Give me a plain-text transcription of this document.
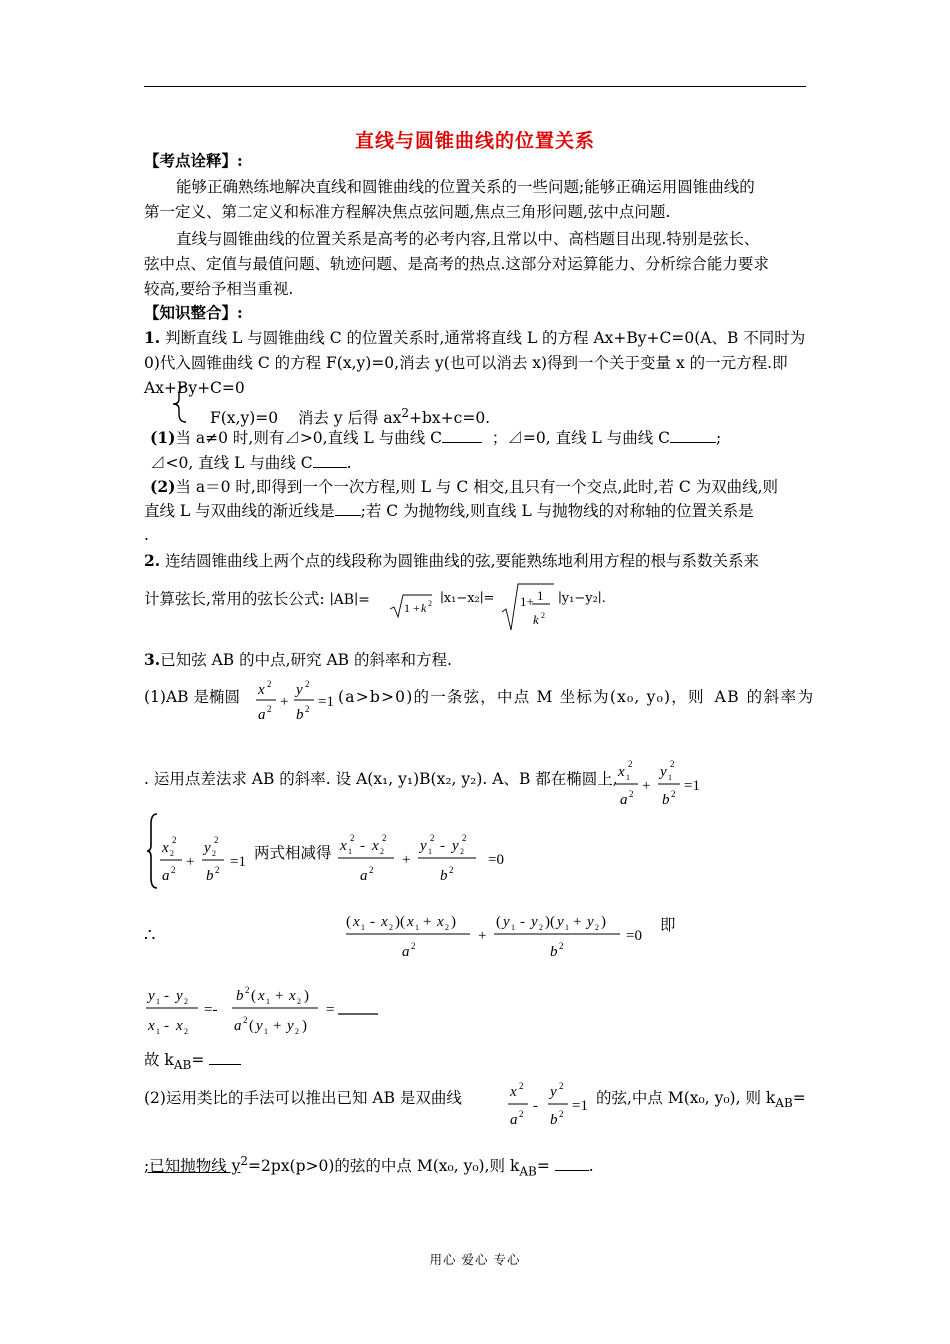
直线与圆锥曲线的位置关系
【考点诠释】:
能够正确熟练地解决直线和圆锥曲线的位置关系的一些问题;能够正确运用圆锥曲线的
第一定义、第二定义和标准方程解决焦点弦问题,焦点三角形问题,弦中点问题.
直线与圆锥曲线的位置关系是高考的必考内容,且常以中、高档题目出现.特别是弦长、
弦中点、定值与最值问题、轨迹问题、是高考的热点.这部分对运算能力、分析综合能力要求
较高,要给予相当重视.
【知识整合】:
1. 判断直线 L 与圆锥曲线 C 的位置关系时,通常将直线 L 的方程 Ax+By+C=0(A、B 不同时为
0)代入圆锥曲线 C 的方程 F(x,y)=0,消去 y(也可以消去 x)得到一个关于变量 x 的一元方程.即
Ax+By+C=0
F(x,y)=0 消去 y 后得 $ax^2+bx+c=0$.
(1)当 a≠0 时,则有⊿>0,直线 L 与曲线 C	；⊿=0, 直线 L 与曲线 C	;
⊿<0, 直线 L 与曲线 C .
(2)当 a＝0 时,即得到一个一次方程,则 L 与 C 相交,且只有一个交点,此时,若 C 为双曲线,则
直线 L 与双曲线的渐近线是 ;若 C 为抛物线,则直线 L 与抛物线的对称轴的位置关系是
.
2. 连结圆锥曲线上两个点的线段称为圆锥曲线的弦,要能熟练地利用方程的根与系数关系来
计算弦长,常用的弦长公式: ∣AB∣=	1 + k 2 ∣x₁−x₂∣= 1+ 1
k 2
∣y₁−y₂∣.
3.已知弦 AB 的中点,研究 AB 的斜率和方程.
(1)AB 是椭圆	x 2
a 2 +
y 2
b 2 =1 (a>b>0)的一条弦，中点 M 坐标为(x₀, y₀)，则 AB 的斜率为
. 运用点差法求 AB 的斜率. 设 A(x₁, y₁)B(x₂, y₂). A、B 都在椭圆上, x 1
2
a 2 +
y 1
2
b 2 =1
x 2
2
a 2 +
y 2
2
b 2 =1 两式相减得 x 1
2 - x 2
2
a 2
+
y 1
2 - y 2
2
b 2
=0
∴
( x 1 - x 2 )( x 1 + x 2 )
a 2
+
( y 1 - y 2 )( y 1 + y 2 )
b 2
=0
即
y 1 - y 2
x 1 - x 2
=-
b 2 ( x 1 + x 2 )
a 2 ( y 1 + y 2 )
=
故 $k_{AB}=$
(2)运用类比的手法可以推出已知 AB 是双曲线	x 2
a 2 -
y 2
b 2 =1 的弦,中点 M(x₀, y₀), 则 $k_{AB}=$
;已知抛物线 $y^2=2px(p>0)$的弦的中点 M(x₀, y₀),则 $k_{AB}=$	.
用心 爱心 专心
